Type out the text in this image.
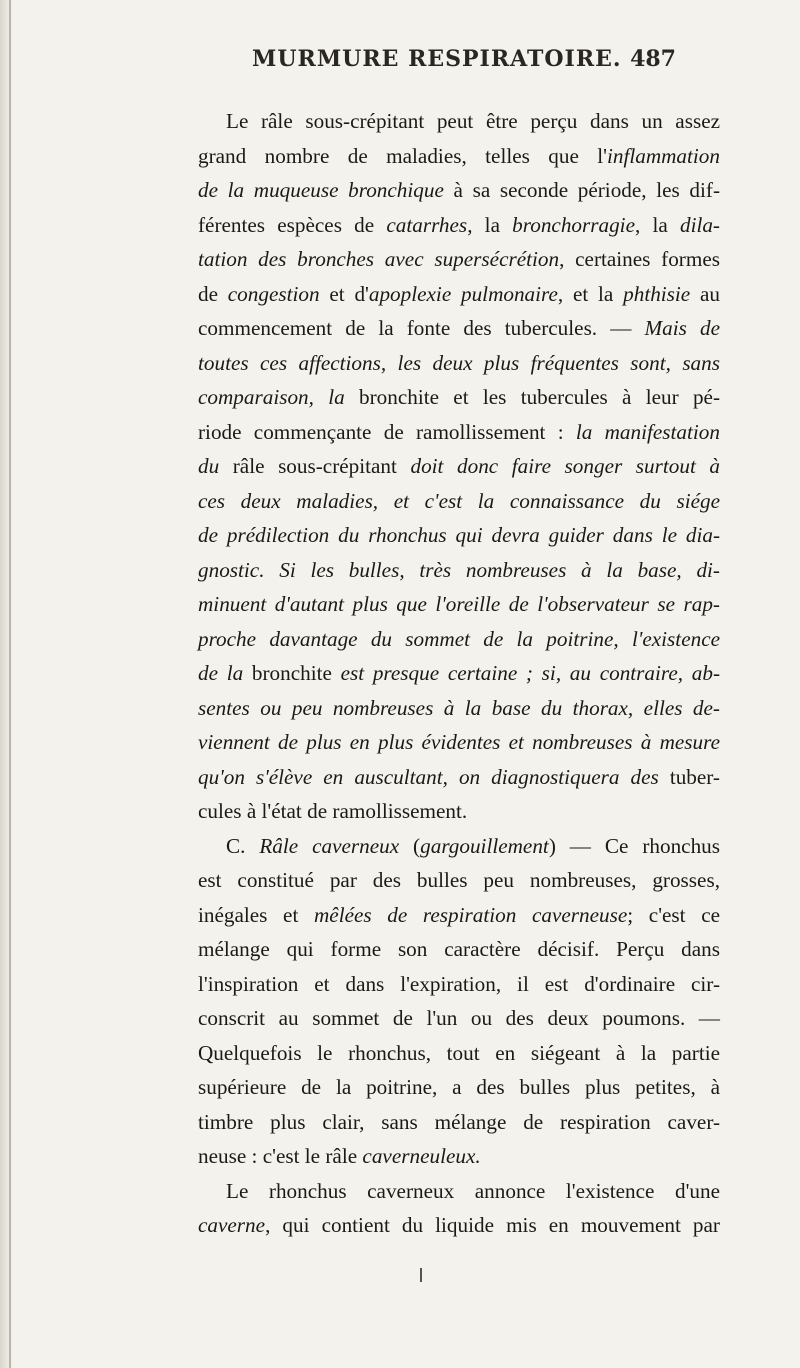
MURMURE RESPIRATOIRE. 487
Le râle sous-crépitant peut être perçu dans un assez
grand nombre de maladies, telles que l'inflammation
de la muqueuse bronchique à sa seconde période, les dif-
férentes espèces de catarrhes, la bronchorragie, la dila-
tation des bronches avec supersécrétion, certaines formes
de congestion et d'apoplexie pulmonaire, et la phthisie au
commencement de la fonte des tubercules. — Mais de
toutes ces affections, les deux plus fréquentes sont, sans
comparaison, la bronchite et les tubercules à leur pé-
riode commençante de ramollissement : la manifestation
du râle sous-crépitant doit donc faire songer surtout à
ces deux maladies, et c'est la connaissance du siége
de prédilection du rhonchus qui devra guider dans le dia-
gnostic. Si les bulles, très nombreuses à la base, di-
minuent d'autant plus que l'oreille de l'observateur se rap-
proche davantage du sommet de la poitrine, l'existence
de la bronchite est presque certaine ; si, au contraire, ab-
sentes ou peu nombreuses à la base du thorax, elles de-
viennent de plus en plus évidentes et nombreuses à mesure
qu'on s'élève en auscultant, on diagnostiquera des tuber-
cules à l'état de ramollissement.
C. Râle caverneux (gargouillement) — Ce rhonchus
est constitué par des bulles peu nombreuses, grosses,
inégales et mêlées de respiration caverneuse; c'est ce
mélange qui forme son caractère décisif. Perçu dans
l'inspiration et dans l'expiration, il est d'ordinaire cir-
conscrit au sommet de l'un ou des deux poumons. —
Quelquefois le rhonchus, tout en siégeant à la partie
supérieure de la poitrine, a des bulles plus petites, à
timbre plus clair, sans mélange de respiration caver-
neuse : c'est le râle caverneuleux.
Le rhonchus caverneux annonce l'existence d'une
caverne, qui contient du liquide mis en mouvement par
